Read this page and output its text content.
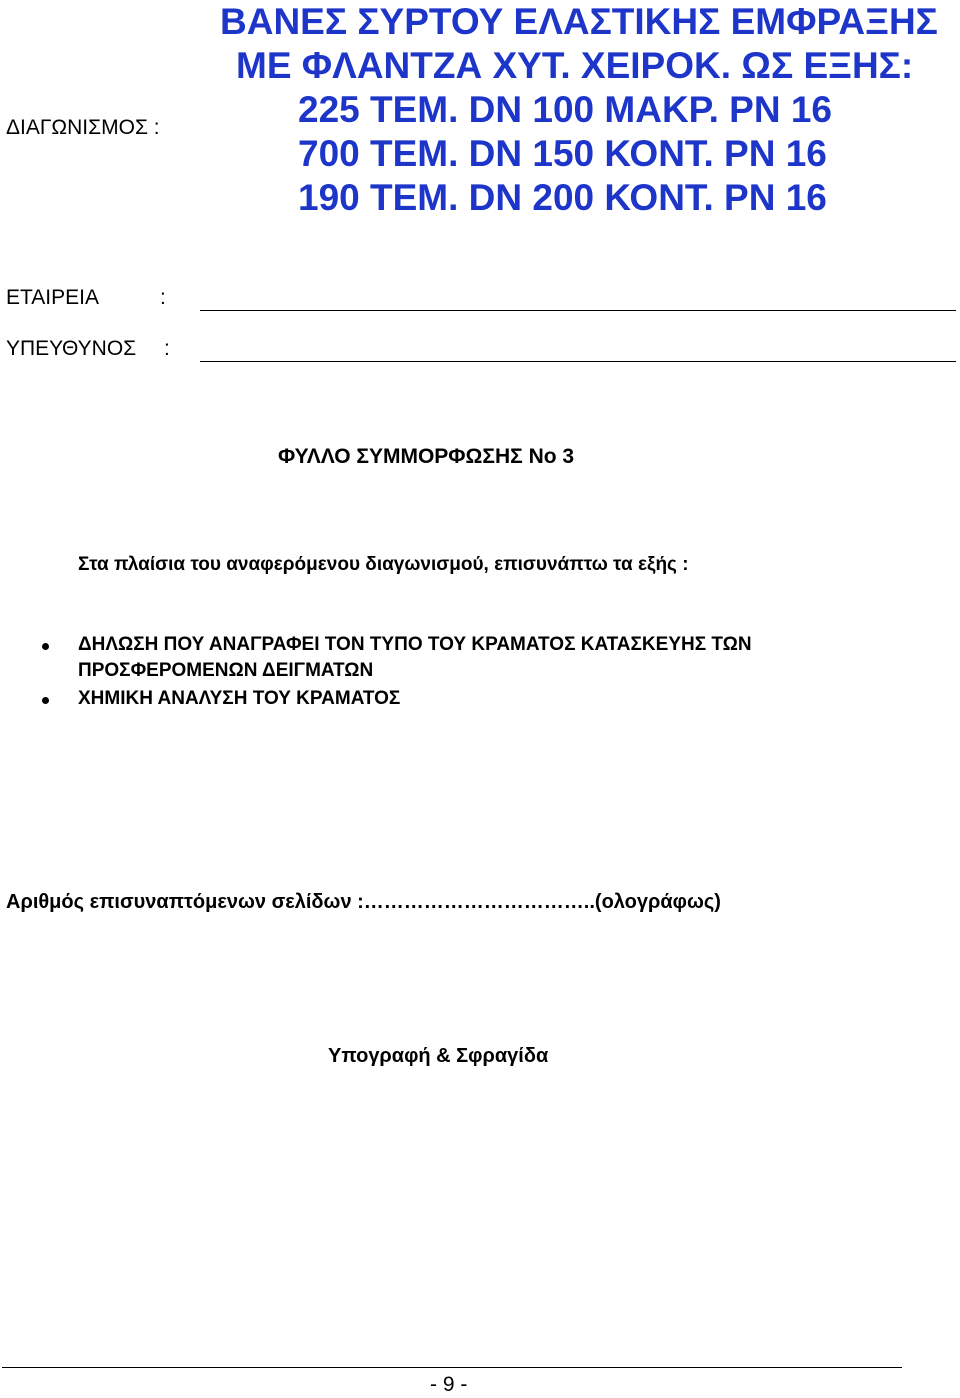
ΔΙΑΓΩΝΙΣΜΟΣ :
ΒΑΝΕΣ ΣΥΡΤΟΥ ΕΛΑΣΤΙΚΗΣ ΕΜΦΡΑΞΗΣ
ΜΕ ΦΛΑΝΤΖΑ ΧΥΤ. ΧΕΙΡΟΚ. ΩΣ ΕΞΗΣ:
225 ΤΕΜ. DN 100 ΜΑΚΡ. PN 16
700 ΤΕΜ. DN 150 ΚΟΝΤ. PN 16
190 ΤΕΜ. DN 200 ΚΟΝΤ. PN 16
ΕΤΑΙΡΕΙΑ	:
ΥΠΕΥΘΥΝΟΣ :
ΦΥΛΛΟ ΣΥΜΜΟΡΦΩΣΗΣ Νο 3
Στα πλαίσια του αναφερόμενου διαγωνισμού, επισυνάπτω τα εξής :
ΔΗΛΩΣΗ ΠΟΥ ΑΝΑΓΡΑΦΕΙ ΤΟΝ ΤΥΠΟ ΤΟΥ ΚΡΑΜΑΤΟΣ ΚΑΤΑΣΚΕΥΗΣ ΤΩΝ
ΠΡΟΣΦΕΡΟΜΕΝΩΝ ΔΕΙΓΜΑΤΩΝ
ΧΗΜΙΚΗ ΑΝΑΛΥΣΗ ΤΟΥ ΚΡΑΜΑΤΟΣ
Αριθμός επισυναπτόμενων σελίδων :……………………………..(ολογράφως)
Υπογραφή & Σφραγίδα
- 9 -
